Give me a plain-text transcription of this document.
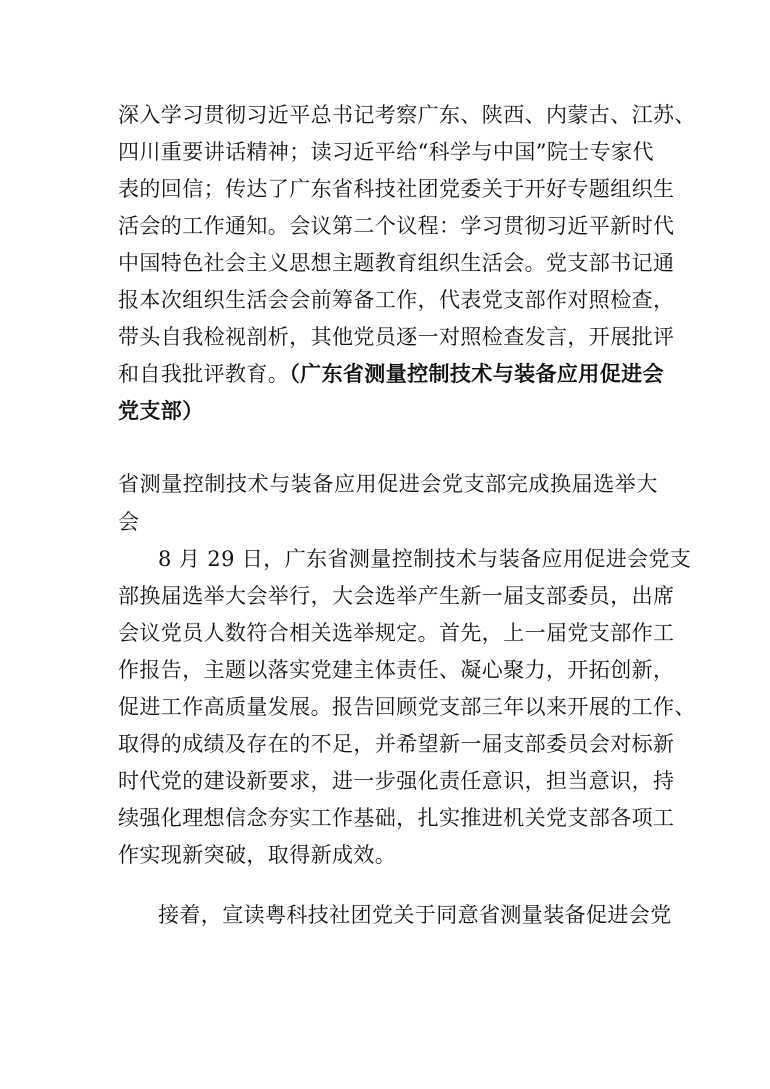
深入学习贯彻习近平总书记考察广东、陕西、内蒙古、江苏、
四川重要讲话精神；读习近平给“科学与中国”院士专家代
表的回信；传达了广东省科技社团党委关于开好专题组织生
活会的工作通知。会议第二个议程：学习贯彻习近平新时代
中国特色社会主义思想主题教育组织生活会。党支部书记通
报本次组织生活会会前筹备工作，代表党支部作对照检查，
带头自我检视剖析，其他党员逐一对照检查发言，开展批评
和自我批评教育。（广东省测量控制技术与装备应用促进会
党支部）
省测量控制技术与装备应用促进会党支部完成换届选举大
会
8 月 29 日，广东省测量控制技术与装备应用促进会党支
部换届选举大会举行，大会选举产生新一届支部委员，出席
会议党员人数符合相关选举规定。首先，上一届党支部作工
作报告，主题以落实党建主体责任、凝心聚力，开拓创新，
促进工作高质量发展。报告回顾党支部三年以来开展的工作、
取得的成绩及存在的不足，并希望新一届支部委员会对标新
时代党的建设新要求，进一步强化责任意识，担当意识，持
续强化理想信念夯实工作基础，扎实推进机关党支部各项工
作实现新突破，取得新成效。
接着，宣读粤科技社团党关于同意省测量装备促进会党
